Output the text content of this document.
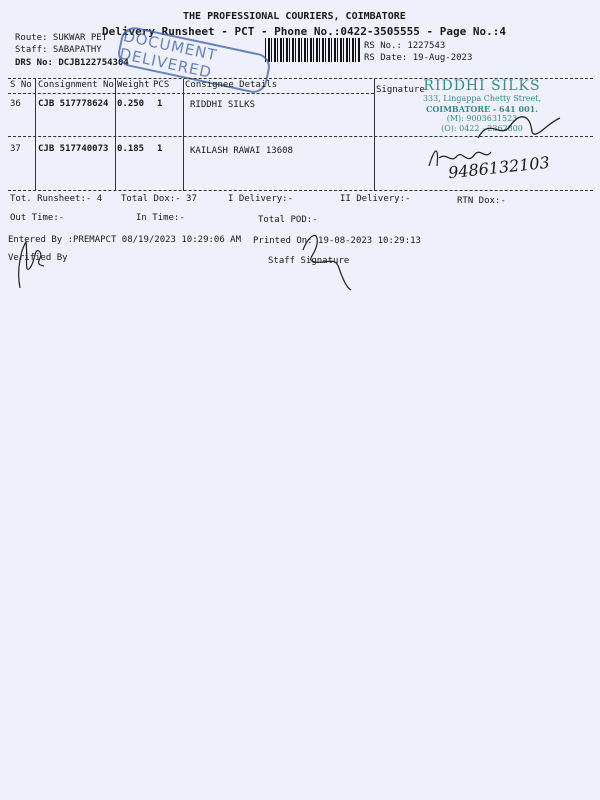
THE PROFESSIONAL COURIERS, COIMBATORE
Delivery Runsheet - PCT - Phone No.:0422-3505555 - Page No.:4
Route: SUKWAR PET
Staff: SABAPATHY
DRS No: DCJB122754304
RS No.: 1227543
RS Date: 19-Aug-2023
DOCUMENT DELIVERED
S No Consignment No Weight PCS Consignee Details	Signature
36 CJB 517778624 0.250 1	RIDDHI SILKS
37 CJB 517740073 0.185 1	KAILASH RAWAI 13608
RIDDHI SILKS
333, Lingappa Chetty Street,
COIMBATORE - 641 001.
(M): 9003631523
(O): 0422 - 2362800
9486132103
Tot. Runsheet:- 4 Total Dox:- 37	I Delivery:-	II Delivery:-	RTN Dox:-
Out Time:-	In Time:-	Total POD:-
Entered By :PREMAPCT 08/19/2023 10:29:06 AM Printed On: 19-08-2023 10:29:13
Verified By	Staff Signature
